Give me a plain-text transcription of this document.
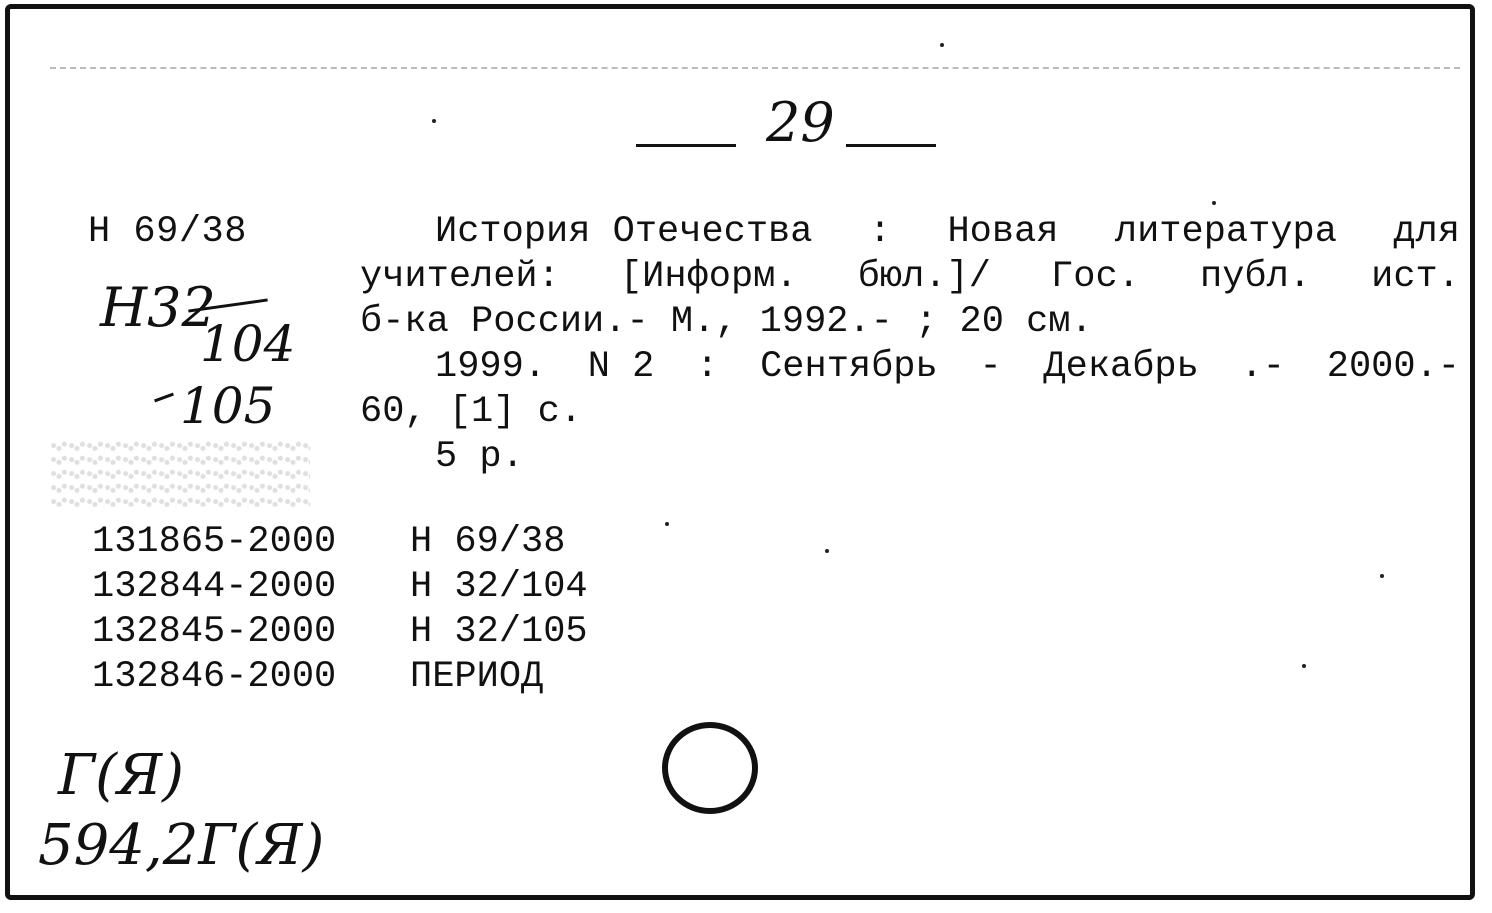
29
Н 69/38
Н32
104
105
История Отечества : Новая литература для
учителей: [Информ. бюл.]/ Гос. публ. ист.
б-ка России.- М., 1992.- ; 20 см.
1999. N 2 : Сентябрь - Декабрь .- 2000.-
60, [1] с.
5 р.
131865-2000	Н 69/38
132844-2000	Н 32/104
132845-2000	Н 32/105
132846-2000	ПЕРИОД
Г(Я)
594,2Г(Я)
